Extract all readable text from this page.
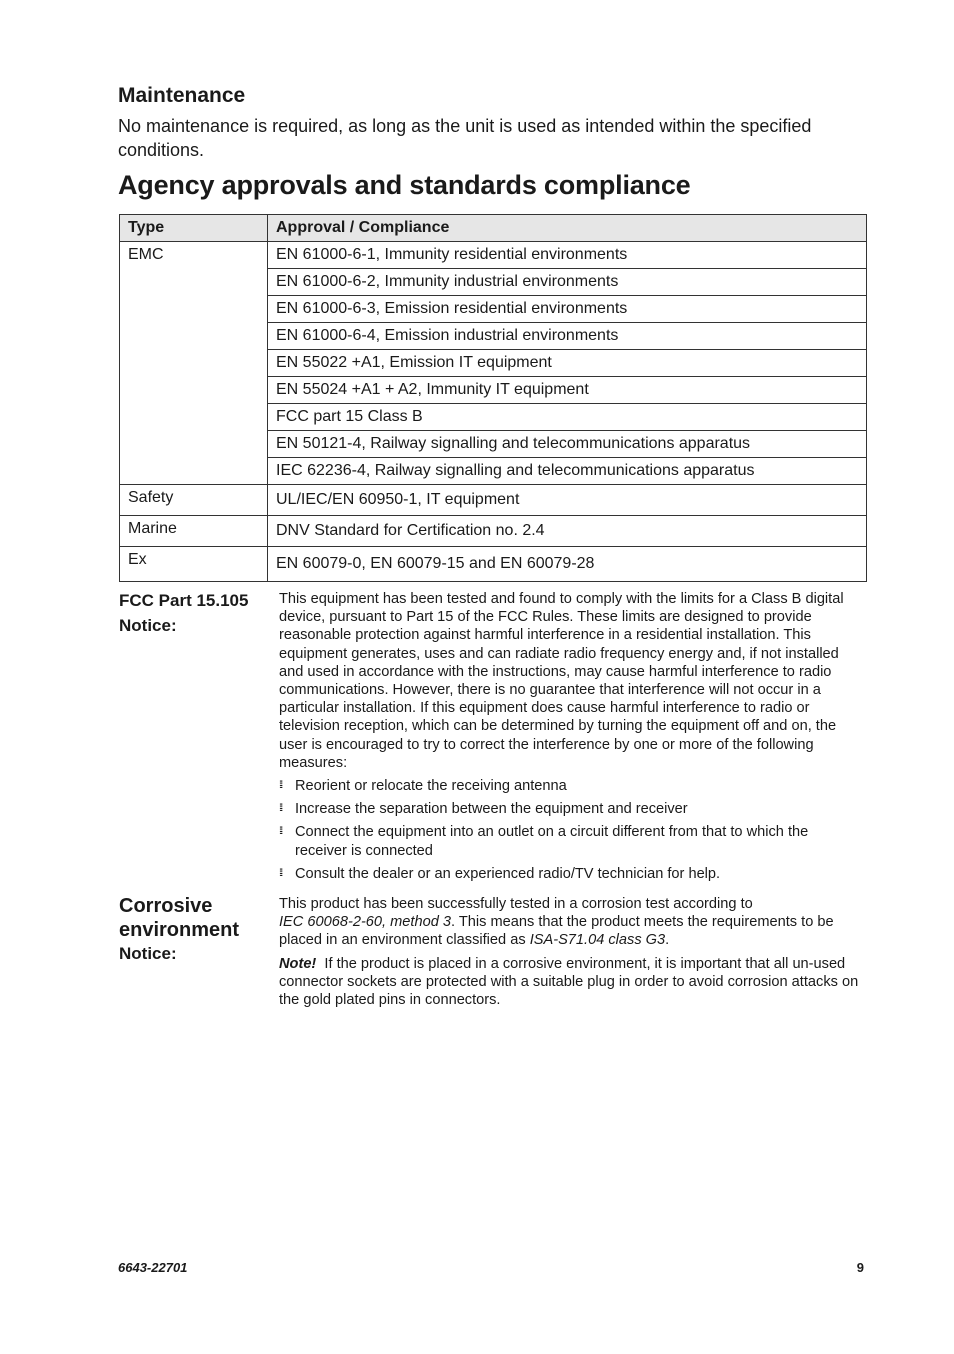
Maintenance

No maintenance is required, as long as the unit is used as intended within the specified conditions.

Agency approvals and standards compliance
Type	Approval / Compliance
EMC	EN 61000-6-1, Immunity residential environments
	EN 61000-6-2, Immunity industrial environments
	EN 61000-6-3, Emission residential environments
	EN 61000-6-4, Emission industrial environments
	EN 55022 +A1, Emission IT equipment
	EN 55024 +A1 + A2, Immunity IT equipment
	FCC part 15 Class B
	EN 50121-4, Railway signalling and telecommunications apparatus
	IEC 62236-4, Railway signalling and telecommunications apparatus
Safety	UL/IEC/EN 60950-1, IT equipment
Marine	DNV Standard for Certification no. 2.4
Ex	EN 60079-0, EN 60079-15 and EN 60079-28
FCC Part 15.105
Notice:

This equipment has been tested and found to comply with the limits for a Class B digital device, pursuant to Part 15 of the FCC Rules. These limits are designed to provide reasonable protection against harmful interference in a residential installation. This equipment generates, uses and can radiate radio frequency energy and, if not installed and used in accordance with the instructions, may cause harmful interference to radio communications. However, there is no guarantee that interference will not occur in a particular installation. If this equipment does cause harmful interference to radio or television reception, which can be determined by turning the equipment off and on, the user is encouraged to try to correct the interference by one or more of the following measures:

⁞⁞⁞ Reorient or relocate the receiving antenna
⁞⁞⁞ Increase the separation between the equipment and receiver
⁞⁞⁞ Connect the equipment into an outlet on a circuit different from that to which the receiver is connected
⁞⁞⁞ Consult the dealer or an experienced radio/TV technician for help.
Corrosive environment
Notice:

This product has been successfully tested in a corrosion test according to
IEC 60068-2-60, method 3. This means that the product meets the requirements to be placed in an environment classified as ISA-S71.04 class G3.

Note! If the product is placed in a corrosive environment, it is important that all un-used connector sockets are protected with a suitable plug in order to avoid corrosion attacks on the gold plated pins in connectors.

6643-22701	9
